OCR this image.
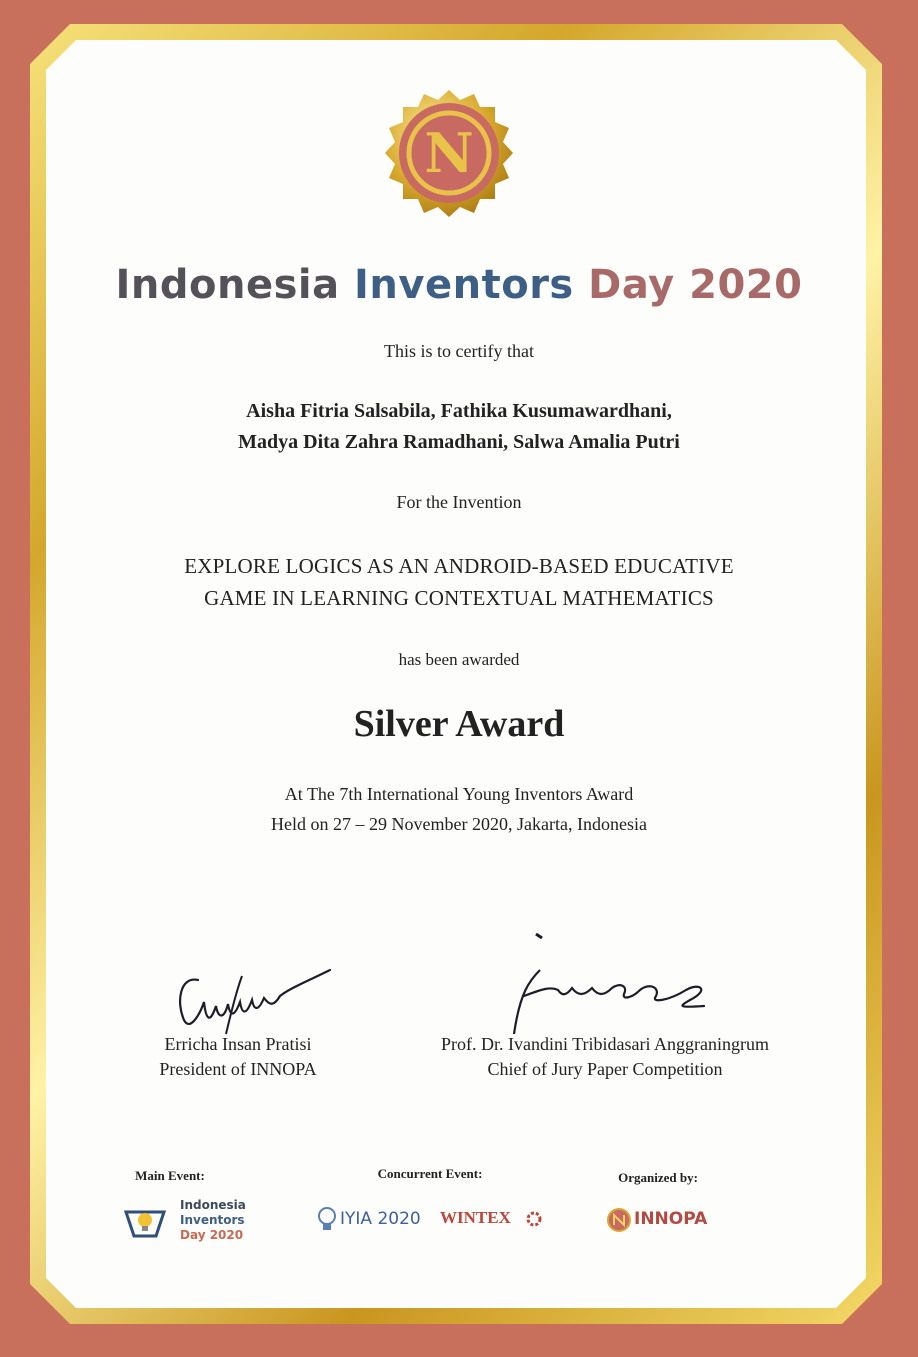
N
Indonesia Inventors Day 2020
This is to certify that
Aisha Fitria Salsabila, Fathika Kusumawardhani,
Madya Dita Zahra Ramadhani, Salwa Amalia Putri
For the Invention
EXPLORE LOGICS AS AN ANDROID-BASED EDUCATIVE
GAME IN LEARNING CONTEXTUAL MATHEMATICS
has been awarded
Silver Award
At The 7th International Young Inventors Award
Held on 27 – 29 November 2020, Jakarta, Indonesia
Erricha Insan Pratisi
President of INNOPA
Prof. Dr. Ivandini Tribidasari Anggraningrum
Chief of Jury Paper Competition
Main Event:	Concurrent Event:	Organized by:
Indonesia
Inventors
Day 2020
IYIA 2020 WINTEX	INNOPA
